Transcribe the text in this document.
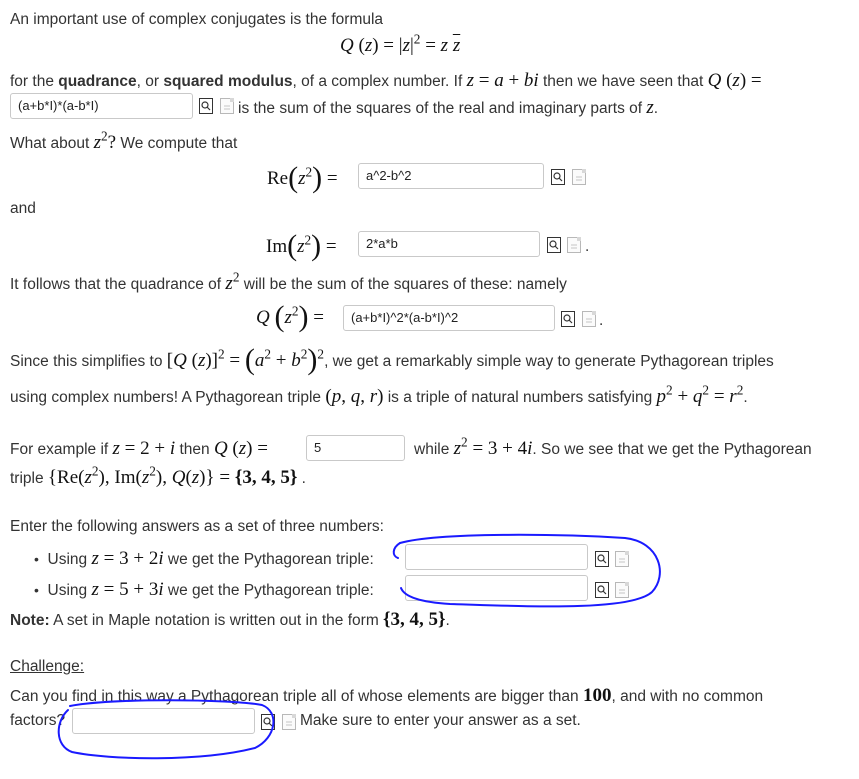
An important use of complex conjugates is the formula
Q $(z) = |z|^2 = z$ $\overline{z}$
for the quadrance, or squared modulus, of a complex number. If z = a + bi then we have seen that Q (z) =
(a+b*I)*(a-b*I)	is the sum of the squares of the real and imaginary parts of z.
What about $z^2$? We compute that
$Re(z^2)$ =	a^2-b^2
and
$Im(z^2)$ =	2*a*b	.
It follows that the quadrance of $z^2$ will be the sum of the squares of these: namely
Q $(z^2)$ =	(a+b*I)^2*(a-b*I)^2	.
Since this simplifies to [Q $(z)]^2 = (a^2 + b^2)^2$, we get a remarkably simple way to generate Pythagorean triples
using complex numbers! A Pythagorean triple (p, q, r) is a triple of natural numbers satisfying $p^2 + q^2 = r^2$.
For example if z = 2 + i then Q (z) =	5	while $z^2 = 3 + 4i$. So we see that we get the Pythagorean
triple {$Re(z^2)$, $Im(z^2)$, Q(z)} = {3, 4, 5} .
Enter the following answers as a set of three numbers:
• Using z = 3 + 2i we get the Pythagorean triple:
• Using z = 5 + 3i we get the Pythagorean triple:
Note: A set in Maple notation is written out in the form {3, 4, 5}.
Challenge:
Can you find in this way a Pythagorean triple all of whose elements are bigger than 100, and with no common
factors?	Make sure to enter your answer as a set.
